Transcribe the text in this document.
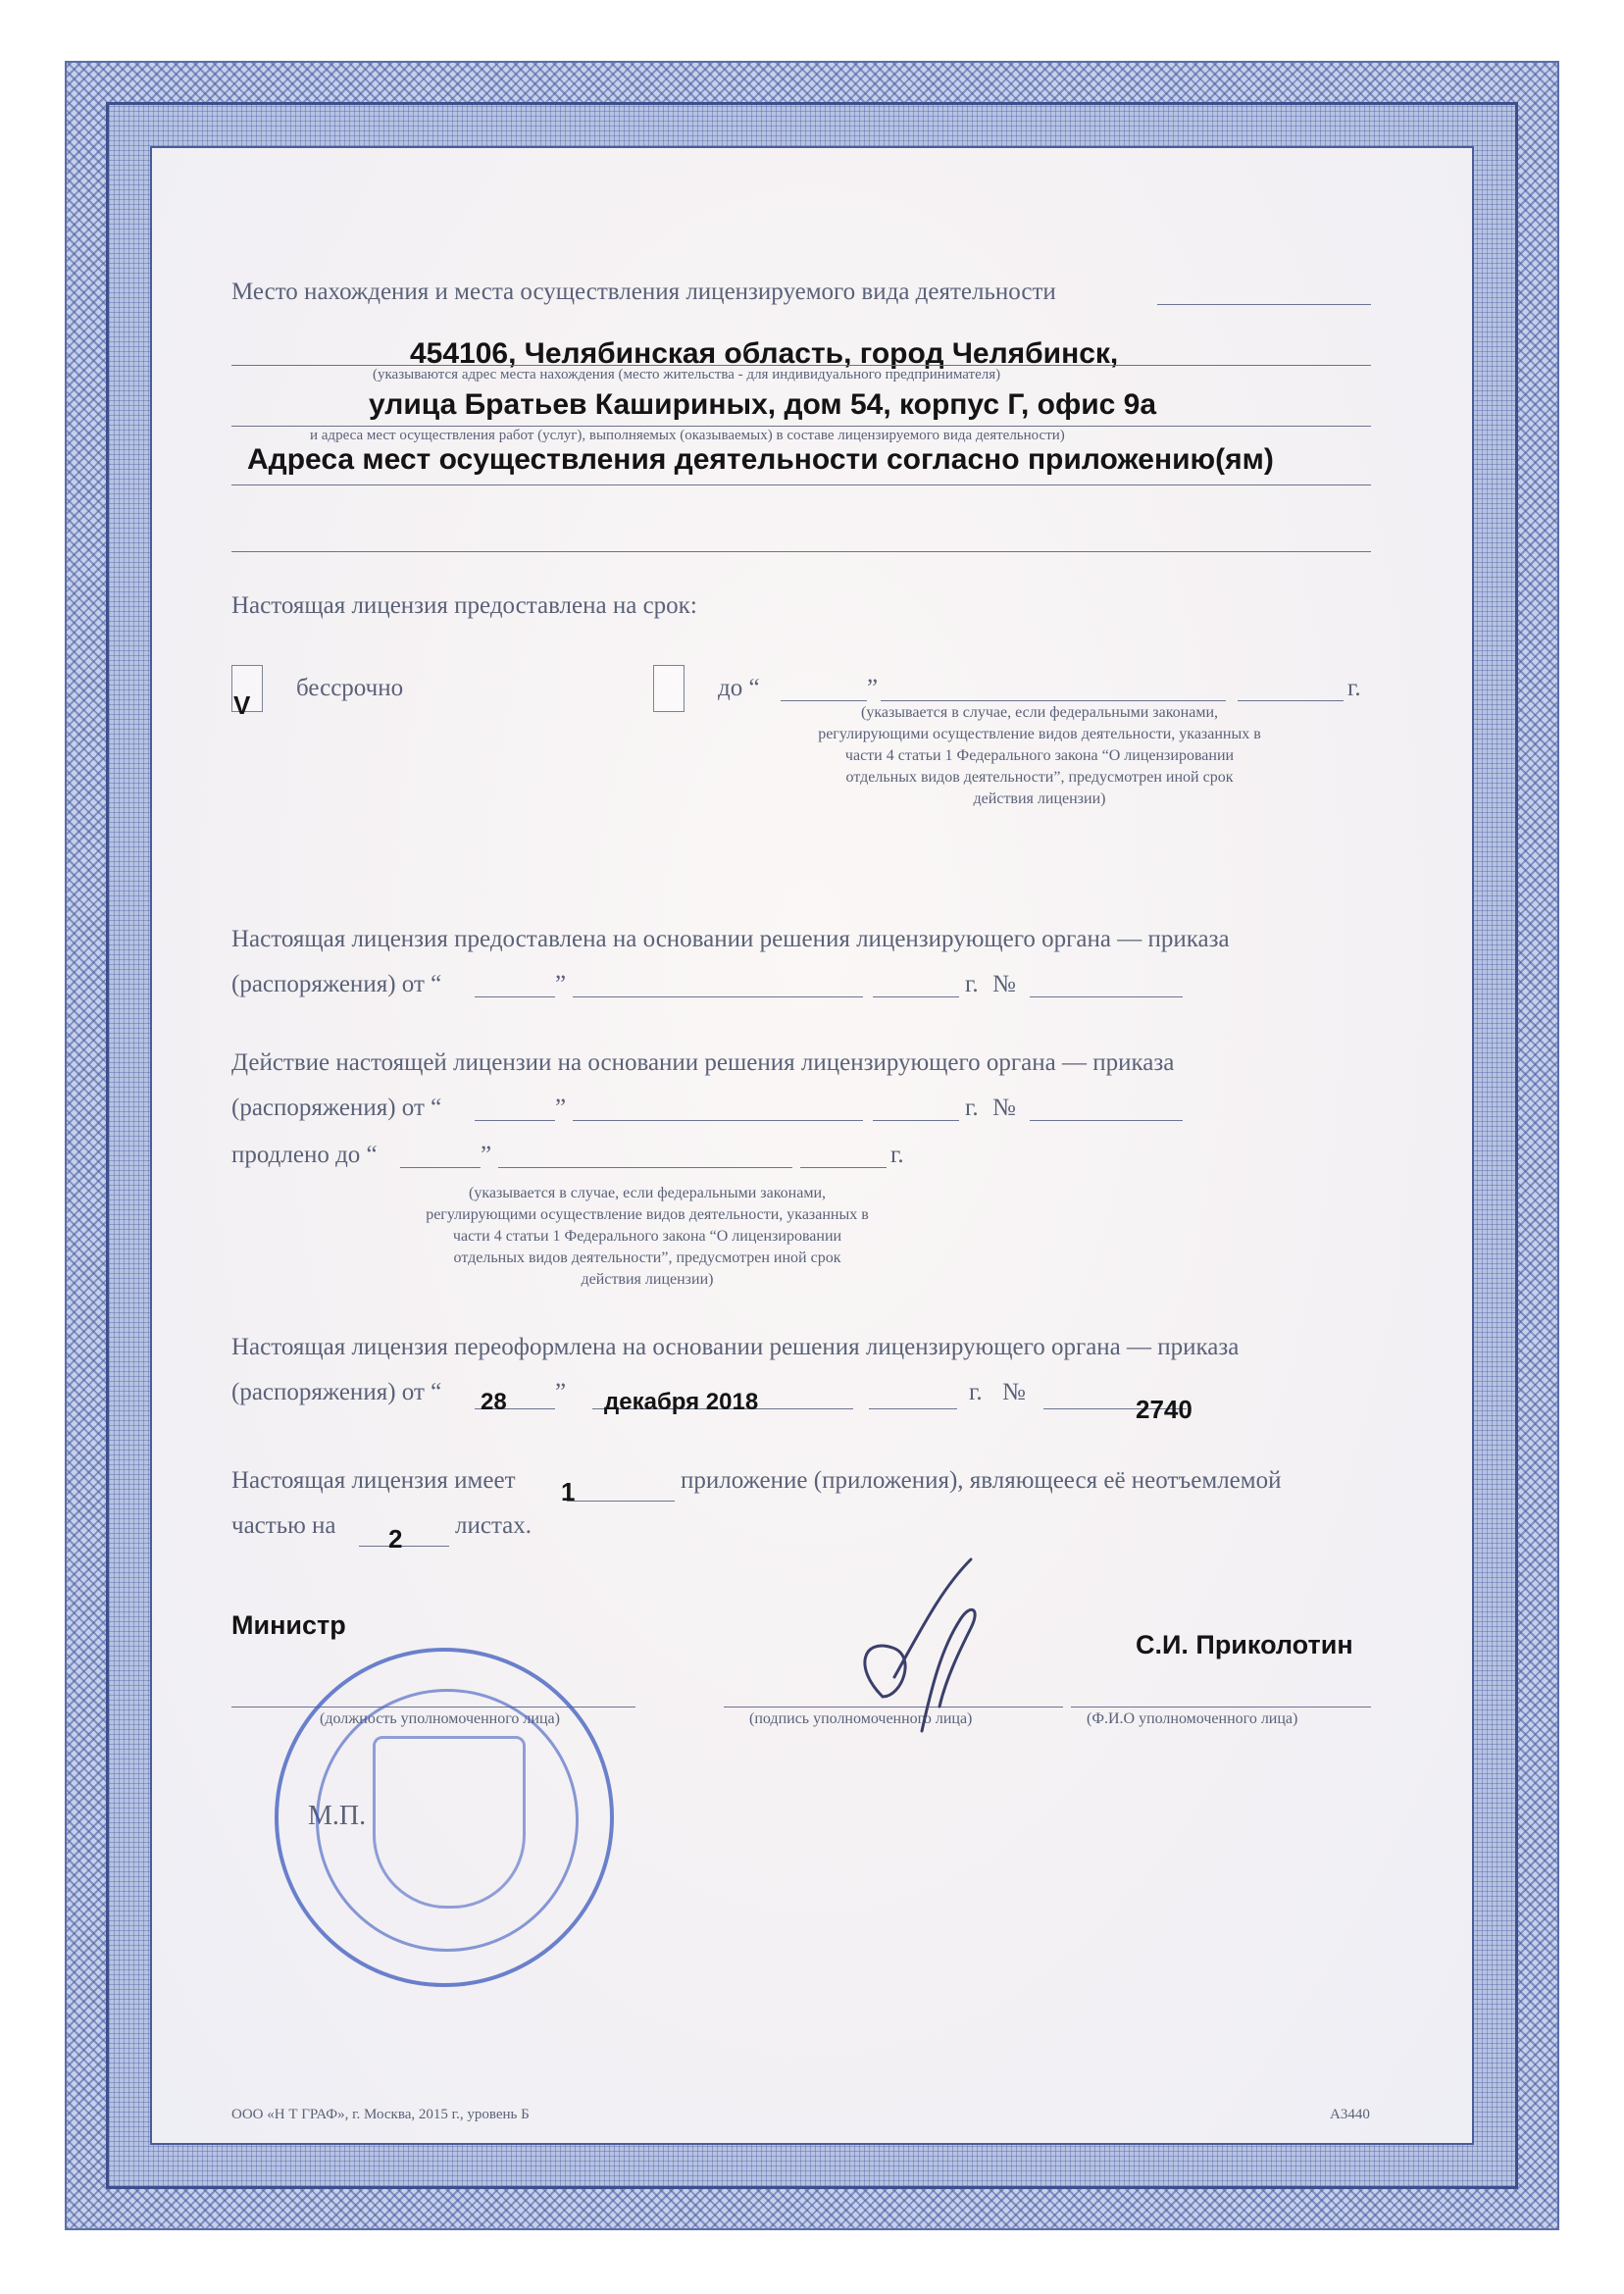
Место нахождения и места осуществления лицензируемого вида деятельности
454106, Челябинская область, город Челябинск,
(указываются адрес места нахождения (место жительства - для индивидуального предпринимателя)
улица Братьев Кашириных, дом 54, корпус Г, офис 9а
и адреса мест осуществления работ (услуг), выполняемых (оказываемых) в составе лицензируемого вида деятельности)
Адреса мест осуществления деятельности согласно приложению(ям)
Настоящая лицензия предоставлена на срок:
V
бессрочно	до “	”	г.
(указывается в случае, если федеральными законами, регулирующими осуществление видов деятельности, указанных в части 4 статьи 1 Федерального закона “О лицензировании отдельных видов деятельности”, предусмотрен иной срок действия лицензии)
Настоящая лицензия предоставлена на основании решения лицензирующего органа — приказа
(распоряжения) от “	”	г. №
Действие настоящей лицензии на основании решения лицензирующего органа — приказа
(распоряжения) от “	”	г. №
продлено до “	”	г.
(указывается в случае, если федеральными законами, регулирующими осуществление видов деятельности, указанных в части 4 статьи 1 Федерального закона “О лицензировании отдельных видов деятельности”, предусмотрен иной срок действия лицензии)
Настоящая лицензия переоформлена на основании решения лицензирующего органа — приказа
(распоряжения) от “ 28 ” декабря 2018	г. №
2740
Настоящая лицензия имеет 1	приложение (приложения), являющееся её неотъемлемой
частью на 2 листах.
Министр
С.И. Приколотин
(должность уполномоченного лица)	(подпись уполномоченного лица)	(Ф.И.О уполномоченного лица)
М.П.
ООО «Н Т ГРАФ», г. Москва, 2015 г., уровень Б	А3440
